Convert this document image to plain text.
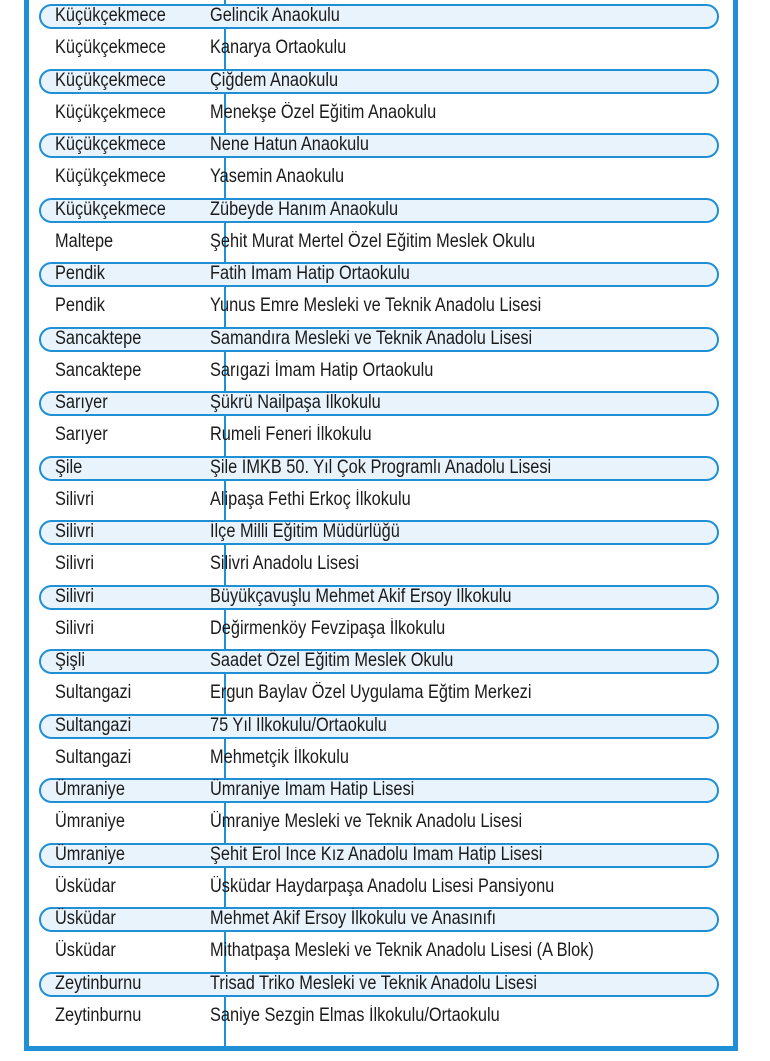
Küçükçekmece Gelincik Anaokulu
Küçükçekmece Kanarya Ortaokulu
Küçükçekmece Çiğdem Anaokulu
Küçükçekmece Menekşe Özel Eğitim Anaokulu
Küçükçekmece Nene Hatun Anaokulu
Küçükçekmece Yasemin Anaokulu
Küçükçekmece Zübeyde Hanım Anaokulu
Maltepe	Şehit Murat Mertel Özel Eğitim Meslek Okulu
Pendik	Fatih İmam Hatip Ortaokulu
Pendik	Yunus Emre Mesleki ve Teknik Anadolu Lisesi
Sancaktepe	Samandıra Mesleki ve Teknik Anadolu Lisesi
Sancaktepe	Sarıgazi İmam Hatip Ortaokulu
Sarıyer	Şükrü Nailpaşa İlkokulu
Sarıyer	Rumeli Feneri İlkokulu
Şile	Şile İMKB 50. Yıl Çok Programlı Anadolu Lisesi
Silivri	Alipaşa Fethi Erkoç İlkokulu
Silivri	İlçe Milli Eğitim Müdürlüğü
Silivri	Silivri Anadolu Lisesi
Silivri	Büyükçavuşlu Mehmet Akif Ersoy İlkokulu
Silivri	Değirmenköy Fevzipaşa İlkokulu
Şişli	Saadet Özel Eğitim Meslek Okulu
Sultangazi	Ergun Baylav Özel Uygulama Eğtim Merkezi
Sultangazi	75 Yıl İlkokulu/Ortaokulu
Sultangazi	Mehmetçik İlkokulu
Ümraniye	Ümraniye İmam Hatip Lisesi
Ümraniye	Ümraniye Mesleki ve Teknik Anadolu Lisesi
Ümraniye	Şehit Erol İnce Kız Anadolu İmam Hatip Lisesi
Üsküdar	Üsküdar Haydarpaşa Anadolu Lisesi Pansiyonu
Üsküdar	Mehmet Akif Ersoy İlkokulu ve Anasınıfı
Üsküdar	Mithatpaşa Mesleki ve Teknik Anadolu Lisesi (A Blok)
Zeytinburnu	Trisad Triko Mesleki ve Teknik Anadolu Lisesi
Zeytinburnu	Saniye Sezgin Elmas İlkokulu/Ortaokulu
